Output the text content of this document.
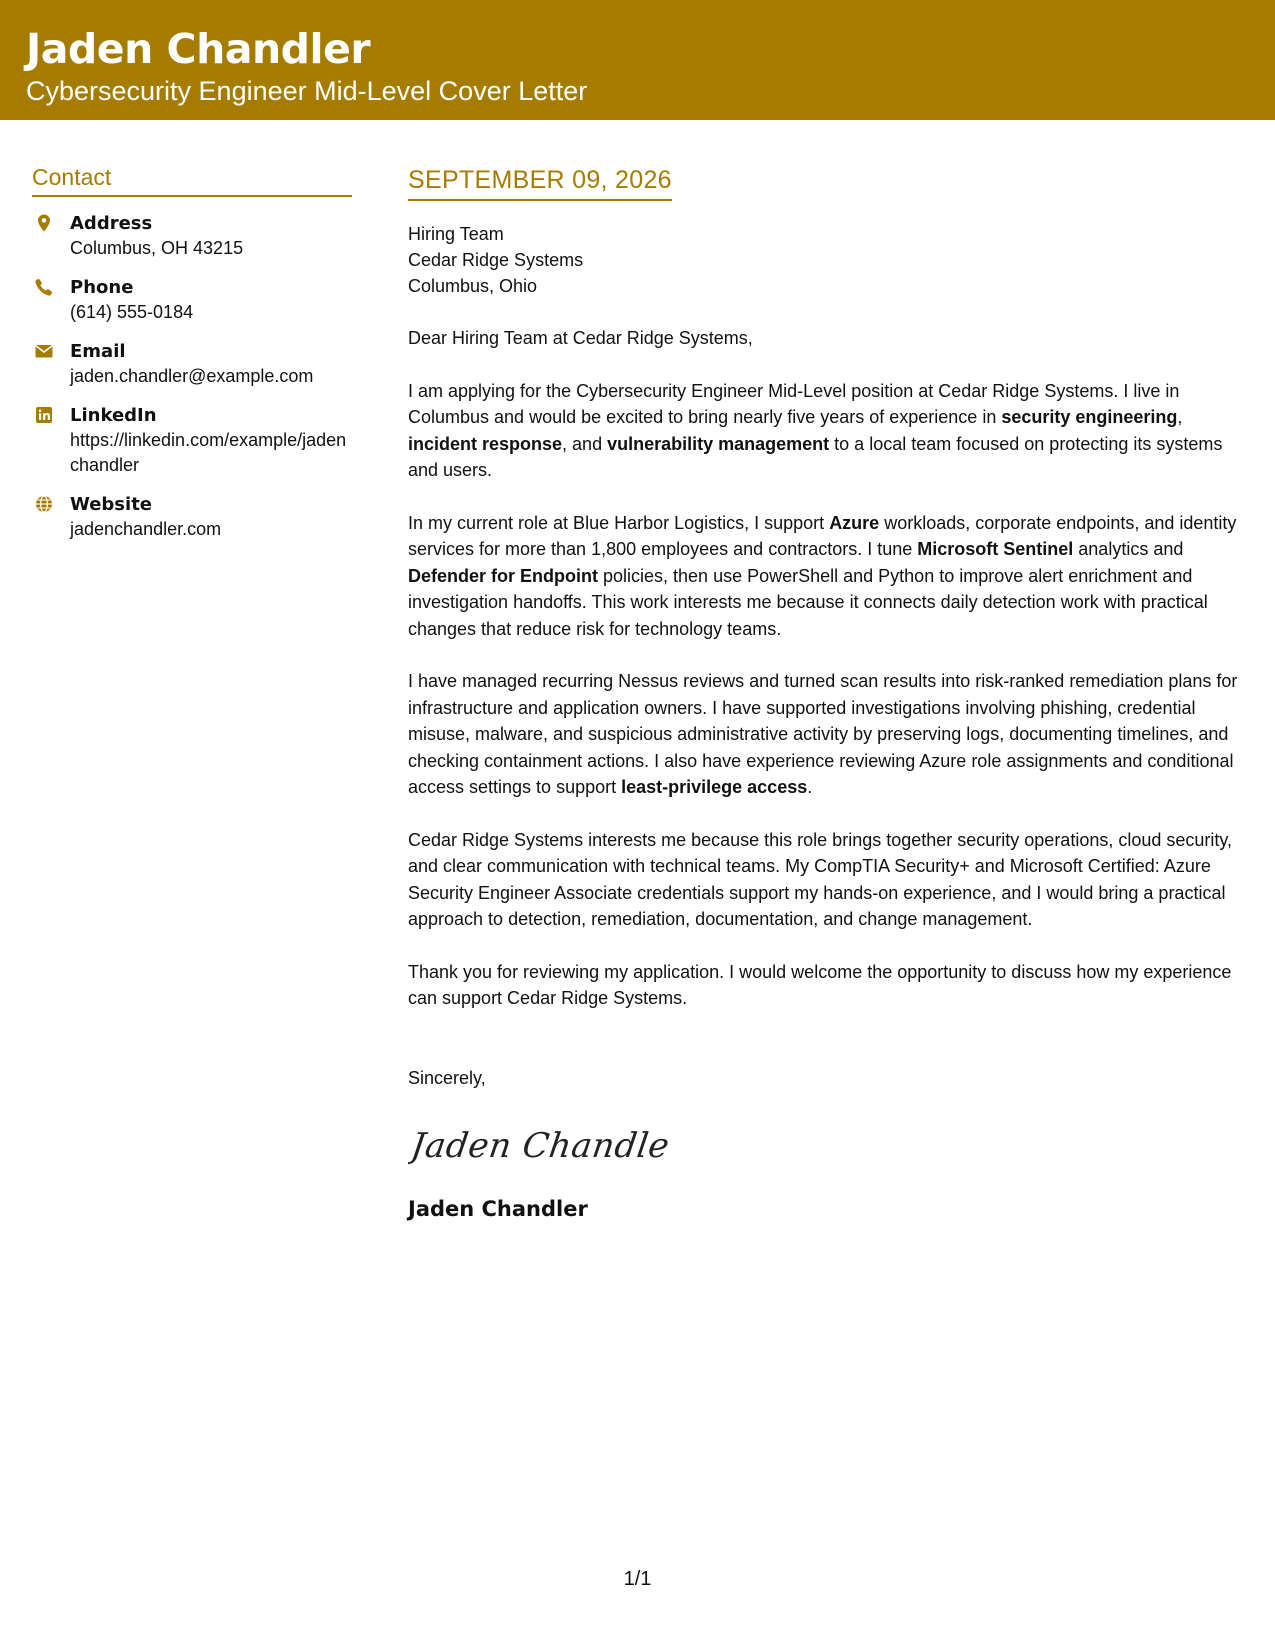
Jaden Chandler
Cybersecurity Engineer Mid-Level Cover Letter
Contact
Address
Columbus, OH 43215
Phone
(614) 555-0184
Email
jaden.chandler@example.com
LinkedIn
https://linkedin.com/example/jadenchandler
Website
jadenchandler.com
SEPTEMBER 09, 2026
Hiring Team
Cedar Ridge Systems
Columbus, Ohio
Dear Hiring Team at Cedar Ridge Systems,
I am applying for the Cybersecurity Engineer Mid-Level position at Cedar Ridge Systems. I live in Columbus and would be excited to bring nearly five years of experience in security engineering, incident response, and vulnerability management to a local team focused on protecting its systems and users.
In my current role at Blue Harbor Logistics, I support Azure workloads, corporate endpoints, and identity services for more than 1,800 employees and contractors. I tune Microsoft Sentinel analytics and Defender for Endpoint policies, then use PowerShell and Python to improve alert enrichment and investigation handoffs. This work interests me because it connects daily detection work with practical changes that reduce risk for technology teams.
I have managed recurring Nessus reviews and turned scan results into risk-ranked remediation plans for infrastructure and application owners. I have supported investigations involving phishing, credential misuse, malware, and suspicious administrative activity by preserving logs, documenting timelines, and checking containment actions. I also have experience reviewing Azure role assignments and conditional access settings to support least-privilege access.
Cedar Ridge Systems interests me because this role brings together security operations, cloud security, and clear communication with technical teams. My CompTIA Security+ and Microsoft Certified: Azure Security Engineer Associate credentials support my hands-on experience, and I would bring a practical approach to detection, remediation, documentation, and change management.
Thank you for reviewing my application. I would welcome the opportunity to discuss how my experience can support Cedar Ridge Systems.
Sincerely,
Jaden Chandler
Jaden Chandler
1/1
